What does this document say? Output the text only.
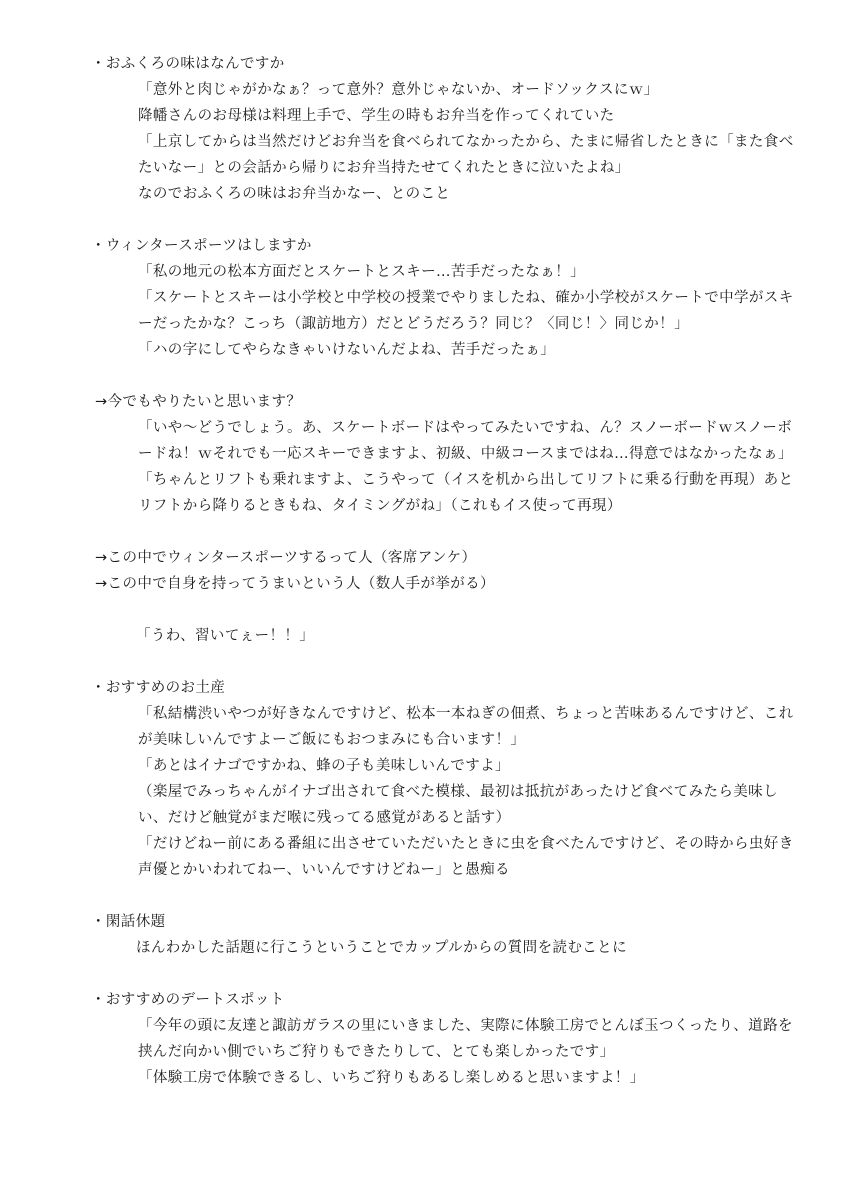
・おふくろの味はなんですか
「意外と肉じゃがかなぁ？って意外？意外じゃないか、オードソックスにｗ」
降幡さんのお母様は料理上手で、学生の時もお弁当を作ってくれていた
「上京してからは当然だけどお弁当を食べられてなかったから、たまに帰省したときに「また食べ
たいなー」との会話から帰りにお弁当持たせてくれたときに泣いたよね」
なのでおふくろの味はお弁当かなー、とのこと
・ウィンタースポーツはしますか
「私の地元の松本方面だとスケートとスキー…苦手だったなぁ！」
「スケートとスキーは小学校と中学校の授業でやりましたね、確か小学校がスケートで中学がスキ
ーだったかな？こっち（諏訪地方）だとどうだろう？同じ？〈同じ！〉同じか！」
「ハの字にしてやらなきゃいけないんだよね、苦手だったぁ」
→今でもやりたいと思います？
「いや〜どうでしょう。あ、スケートボードはやってみたいですね、ん？スノーボードｗスノーボ
ードね！ｗそれでも一応スキーできますよ、初級、中級コースまではね…得意ではなかったなぁ」
「ちゃんとリフトも乗れますよ、こうやって（イスを机から出してリフトに乗る行動を再現）あと
リフトから降りるときもね、タイミングがね」（これもイス使って再現）
→この中でウィンタースポーツするって人（客席アンケ）
→この中で自身を持ってうまいという人（数人手が挙がる）
「うわ、習いてぇー！！」
・おすすめのお土産
「私結構渋いやつが好きなんですけど、松本一本ねぎの佃煮、ちょっと苦味あるんですけど、これ
が美味しいんですよーご飯にもおつまみにも合います！」
「あとはイナゴですかね、蜂の子も美味しいんですよ」
（楽屋でみっちゃんがイナゴ出されて食べた模様、最初は抵抗があったけど食べてみたら美味し
い、だけど触覚がまだ喉に残ってる感覚があると話す）
「だけどねー前にある番組に出させていただいたときに虫を食べたんですけど、その時から虫好き
声優とかいわれてねー、いいんですけどねー」と愚痴る
・閑話休題
ほんわかした話題に行こうということでカップルからの質問を読むことに
・おすすめのデートスポット
「今年の頭に友達と諏訪ガラスの里にいきました、実際に体験工房でとんぼ玉つくったり、道路を
挟んだ向かい側でいちご狩りもできたりして、とても楽しかったです」
「体験工房で体験できるし、いちご狩りもあるし楽しめると思いますよ！」
